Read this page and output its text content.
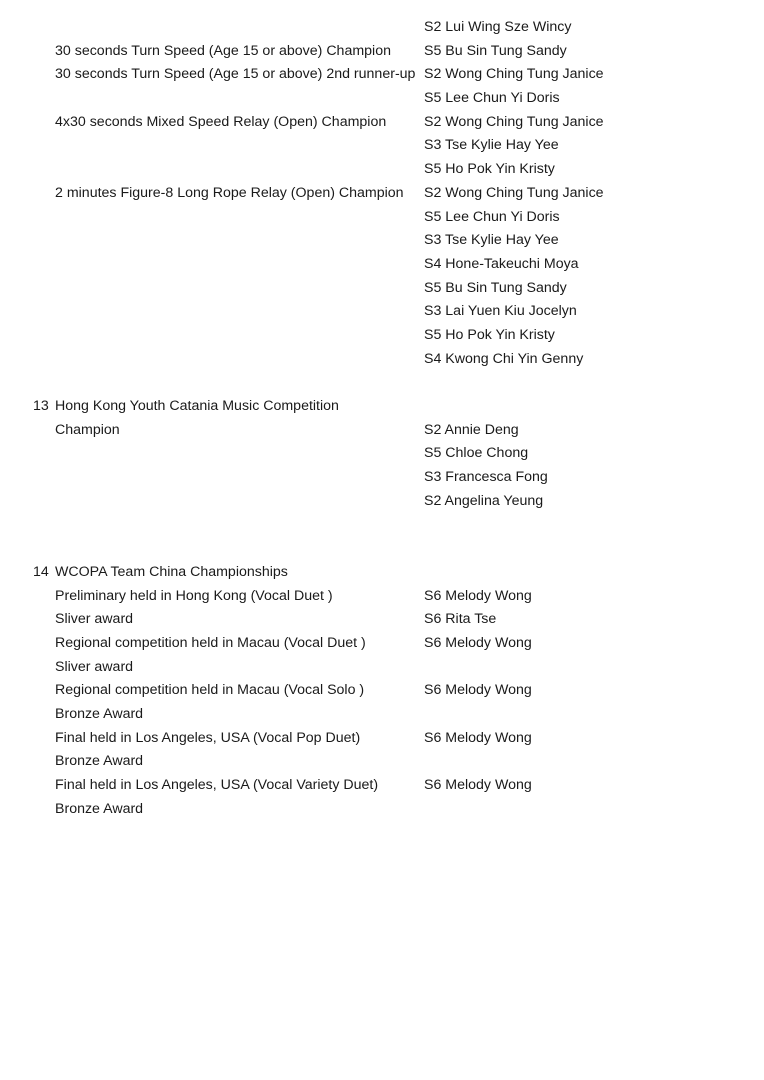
S2 Lui Wing Sze Wincy
30 seconds Turn Speed (Age 15 or above) Champion S5 Bu Sin Tung Sandy
30 seconds Turn Speed (Age 15 or above) 2nd runner-up S2 Wong Ching Tung Janice
S5 Lee Chun Yi Doris
4x30 seconds Mixed Speed Relay (Open) Champion	S2 Wong Ching Tung Janice
S3 Tse Kylie Hay Yee
S5 Ho Pok Yin Kristy
2 minutes Figure-8 Long Rope Relay (Open) Champion S2 Wong Ching Tung Janice
S5 Lee Chun Yi Doris
S3 Tse Kylie Hay Yee
S4 Hone-Takeuchi Moya
S5 Bu Sin Tung Sandy
S3 Lai Yuen Kiu Jocelyn
S5 Ho Pok Yin Kristy
S4 Kwong Chi Yin Genny
13 Hong Kong Youth Catania Music Competition
Champion	S2 Annie Deng
S5 Chloe Chong
S3 Francesca Fong
S2 Angelina Yeung
14 WCOPA Team China Championships
Preliminary held in Hong Kong (Vocal Duet )	S6 Melody Wong
Sliver award	S6 Rita Tse
Regional competition held in Macau (Vocal Duet )	S6 Melody Wong
Sliver award
Regional competition held in Macau (Vocal Solo )	S6 Melody Wong
Bronze Award
Final held in Los Angeles, USA (Vocal Pop Duet)	S6 Melody Wong
Bronze Award
Final held in Los Angeles, USA (Vocal Variety Duet)	S6 Melody Wong
Bronze Award
